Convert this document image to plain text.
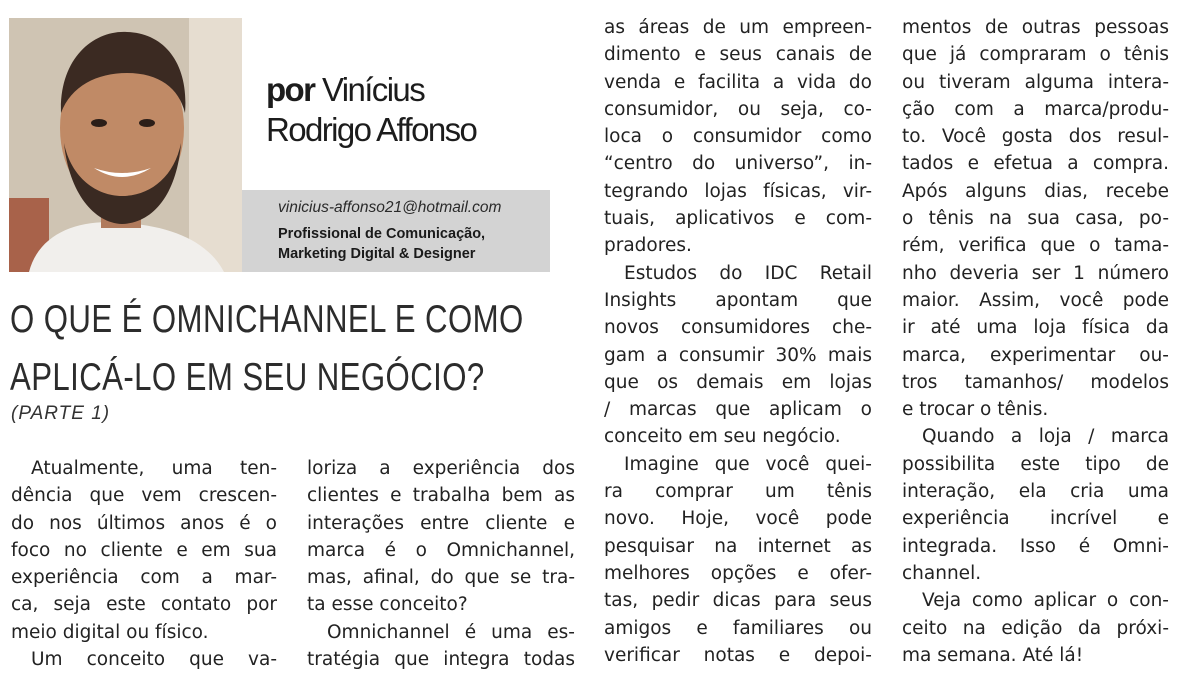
por Vinícius
Rodrigo Affonso
vinicius-affonso21@hotmail.com
Profissional de Comunicação,
Marketing Digital & Designer
O QUE É OMNICHANNEL E COMO
APLICÁ-LO EM SEU NEGÓCIO?
(PARTE 1)

Atualmente, uma ten-

dência que vem crescen-

do nos últimos anos é o

foco no cliente e em sua

experiência com a mar-

ca, seja este contato por

meio digital ou físico.

Um conceito que va-

loriza a experiência dos

clientes e trabalha bem as

interações entre cliente e

marca é o Omnichannel,

mas, afinal, do que se tra-

ta esse conceito?

Omnichannel é uma es-

tratégia que integra todas

as áreas de um empreen-

dimento e seus canais de

venda e facilita a vida do

consumidor, ou seja, co-

loca o consumidor como

“centro do universo”, in-

tegrando lojas físicas, vir-

tuais, aplicativos e com-

pradores.

Estudos do IDC Retail

Insights apontam que

novos consumidores che-

gam a consumir 30% mais

que os demais em lojas

/ marcas que aplicam o

conceito em seu negócio.

Imagine que você quei-

ra comprar um tênis

novo. Hoje, você pode

pesquisar na internet as

melhores opções e ofer-

tas, pedir dicas para seus

amigos e familiares ou

verificar notas e depoi-

mentos de outras pessoas

que já compraram o tênis

ou tiveram alguma intera-

ção com a marca/produ-

to. Você gosta dos resul-

tados e efetua a compra.

Após alguns dias, recebe

o tênis na sua casa, po-

rém, verifica que o tama-

nho deveria ser 1 número

maior. Assim, você pode

ir até uma loja física da

marca, experimentar ou-

tros tamanhos/ modelos

e trocar o tênis.

Quando a loja / marca

possibilita este tipo de

interação, ela cria uma

experiência incrível e

integrada. Isso é Omni-

channel.

Veja como aplicar o con-

ceito na edição da próxi-

ma semana. Até lá!
